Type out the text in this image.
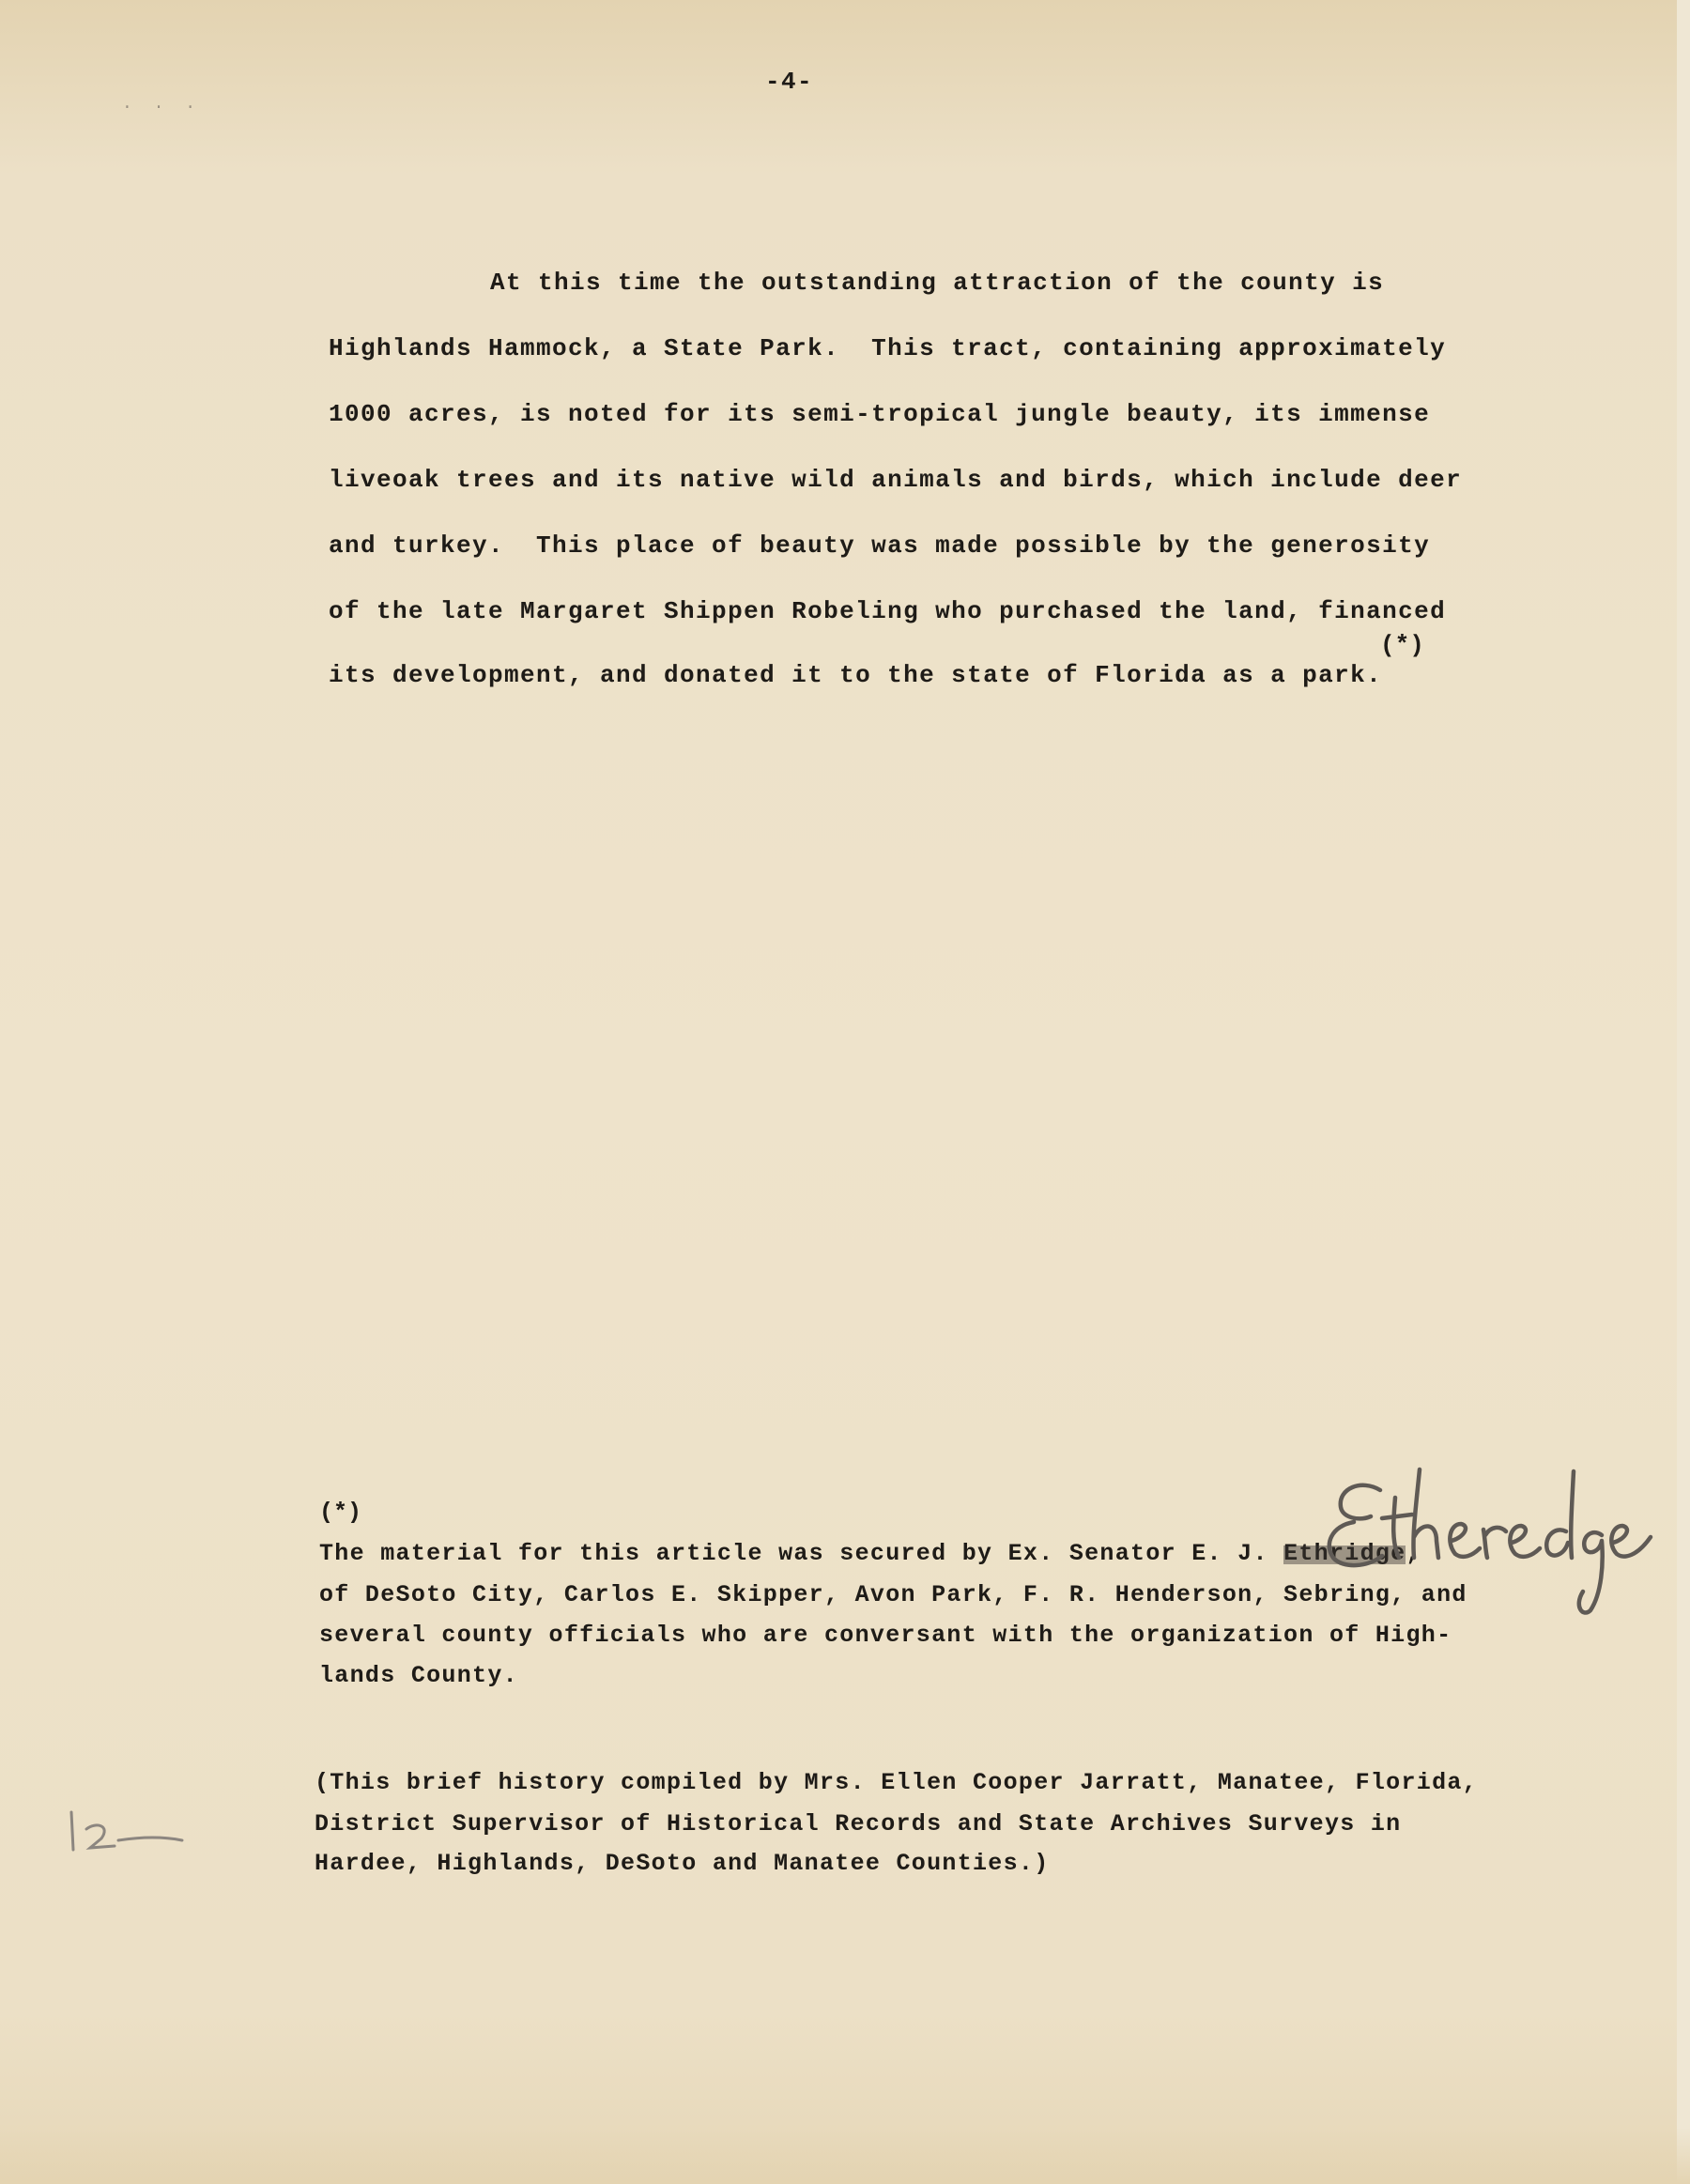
· · ·
-4-
At this time the outstanding attraction of the county is
Highlands Hammock, a State Park.  This tract, containing approximately
1000 acres, is noted for its semi-tropical jungle beauty, its immense
liveoak trees and its native wild animals and birds, which include deer
and turkey.  This place of beauty was made possible by the generosity
of the late Margaret Shippen Robeling who purchased the land, financed
(*)
its development, and donated it to the state of Florida as a park.
(*)
The material for this article was secured by Ex. Senator E. J. Ethridge
,
of DeSoto City, Carlos E. Skipper, Avon Park, F. R. Henderson, Sebring, and
several county officials who are conversant with the organization of High-
lands County.
(This brief history compiled by Mrs. Ellen Cooper Jarratt, Manatee, Florida,
District Supervisor of Historical Records and State Archives Surveys in
Hardee, Highlands, DeSoto and Manatee Counties.)
